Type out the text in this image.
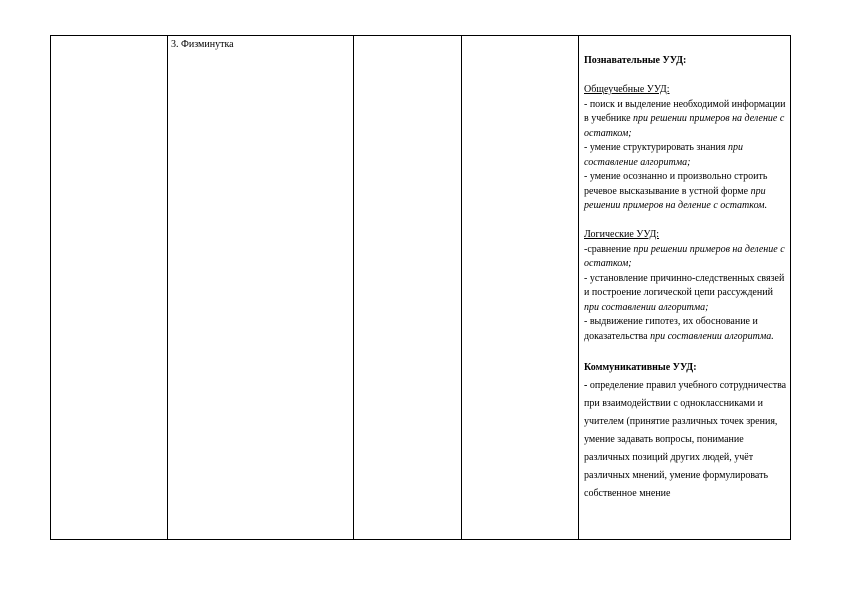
3. Физминутка

Познавательные УУД:

Общеучебные УУД:

- поиск и выделение необходимой информации в учебнике при решении примеров на деление с остатком;

- умение структурировать знания при составление алгоритма;

- умение осознанно и произвольно строить речевое высказывание в устной форме при решении примеров на деление с остатком.

Логические УУД:

-сравнение при решении примеров на деление с остатком;

- установление причинно-следственных связей и построение логической цепи рассуждений при составлении алгоритма;

- выдвижение гипотез, их обоснование и доказательства при составлении алгоритма.

Коммуникативные УУД:

- определение правил учебного сотрудничества при взаимодействии с одноклассниками и учителем (принятие различных точек зрения, умение задавать вопросы, понимание различных позиций других людей, учёт различных мнений, умение формулировать собственное мнение
